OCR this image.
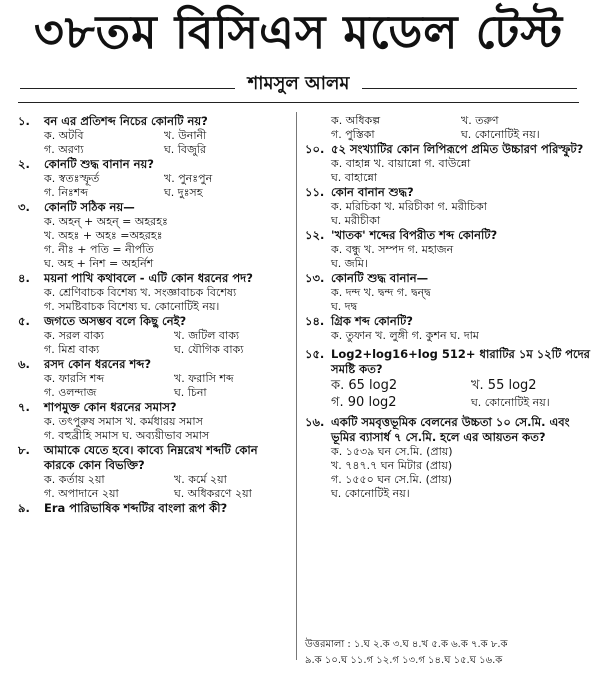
৩৮তম বিসিএস মডেল টেস্ট
শামসুল আলম
১.	বন এর প্রতিশব্দ নিচের কোনটি নয়?
ক. অটবি	খ. উনানী
গ. অরণ্য	ঘ. বিজুরি
২.	কোনটি শুদ্ধ বানান নয়?
ক. স্বতঃস্ফূর্ত	খ. পুনঃপুন
গ. নিঃশব্দ	ঘ. দুঃসহ
৩.	কোনটি সঠিক নয়—
ক. অহন্ + অহন্ = অহরহঃ
খ. অহঃ + অহঃ =অহরহঃ
গ. নীঃ + পতি = নীর্পতি
ঘ. অহ + নিশ = অহর্নিশ
৪.	ময়না পাখি কথাবলে - এটি কোন ধরনের পদ?
ক. শ্রেণিবাচক বিশেষ্য খ. সংজ্ঞাবাচক বিশেষ্য
গ. সমষ্টিবাচক বিশেষ্য ঘ. কোনোটিই নয়।
৫.	জগতে অসম্ভব বলে কিছু নেই?
ক. সরল বাক্য	খ. জটিল বাক্য
গ. মিশ্র বাক্য	ঘ. যৌগিক বাক্য
৬.	রসদ কোন ধরনের শব্দ?
ক. ফারসি শব্দ	খ. ফরাসি শব্দ
গ. ওলন্দাজ	ঘ. চিনা
৭.	শাপমুক্ত কোন ধরনের সমাস?
ক. তৎপুরুষ সমাস খ. কর্মধারয় সমাস
গ. বহুব্রীহি সমাস ঘ. অব্যয়ীভাব সমাস
৮.	আমাকে যেতে হবে। কাব্যে নিম্নরেখ শব্দটি কোন কারকে কোন বিভক্তি?
ক. কর্তায় ২য়া	খ. কর্মে ২য়া
গ. অপাদানে ২য়া	ঘ. অধিকরণে ২য়া
৯.	Era পারিভাষিক শব্দটির বাংলা রূপ কী?
ক. অধিকল্প	খ. তরুণ
গ. পুস্তিকা	ঘ. কোনোটিই নয়।
১০. ৫২ সংখ্যাটির কোন লিপিরূপে প্রমিত উচ্চারণ পরিস্ফুট?
ক. বাহান্ন খ. বায়ান্নো গ. বাউন্নো
ঘ. বাহান্নো
১১. কোন বানান শুদ্ধ?
ক. মরিচিকা খ. মরিচীকা গ. মরীচিকা
ঘ. মরীচীকা
১২. 'খাতক' শব্দের বিপরীত শব্দ কোনটি?
ক. বন্ধু খ. সম্পদ গ. মহাজন
ঘ. জমি।
১৩. কোনটি শুদ্ধ বানান—
ক. দন্দ খ. দ্বন্দ গ. দ্বন্দ্ব
ঘ. দদ্ব
১৪. গ্রিক শব্দ কোনটি?
ক. তুফান খ. লুঙ্গী গ. কুশন ঘ. দাম
১৫. Log2+log16+log 512+ ধারাটির ১ম ১২টি পদের সমষ্টি কত?
ক. 65 log2	খ. 55 log2
গ. 90 log2	ঘ. কোনোটিই নয়।
১৬. একটি সমবৃত্তভূমিক বেলনের উচ্চতা ১০ সে.মি. এবং ভূমির ব্যাসার্ধ ৭ সে.মি. হলে এর আয়তন কত?
ক. ১৫৩৯ ঘন সে.মি. (প্রায়)
খ. ৭৪৭.৭ ঘন মিটার (প্রায়)
গ. ১৫৫০ ঘন সে.মি. (প্রায়)
ঘ. কোনোটিই নয়।
উত্তরমালা : ১.ঘ ২.ক ৩.ঘ ৪.খ ৫.ক ৬.ক ৭.ক ৮.ক
৯.ক ১০.ঘ ১১.গ ১২.গ ১৩.গ ১৪.ঘ ১৫.ঘ ১৬.ক
